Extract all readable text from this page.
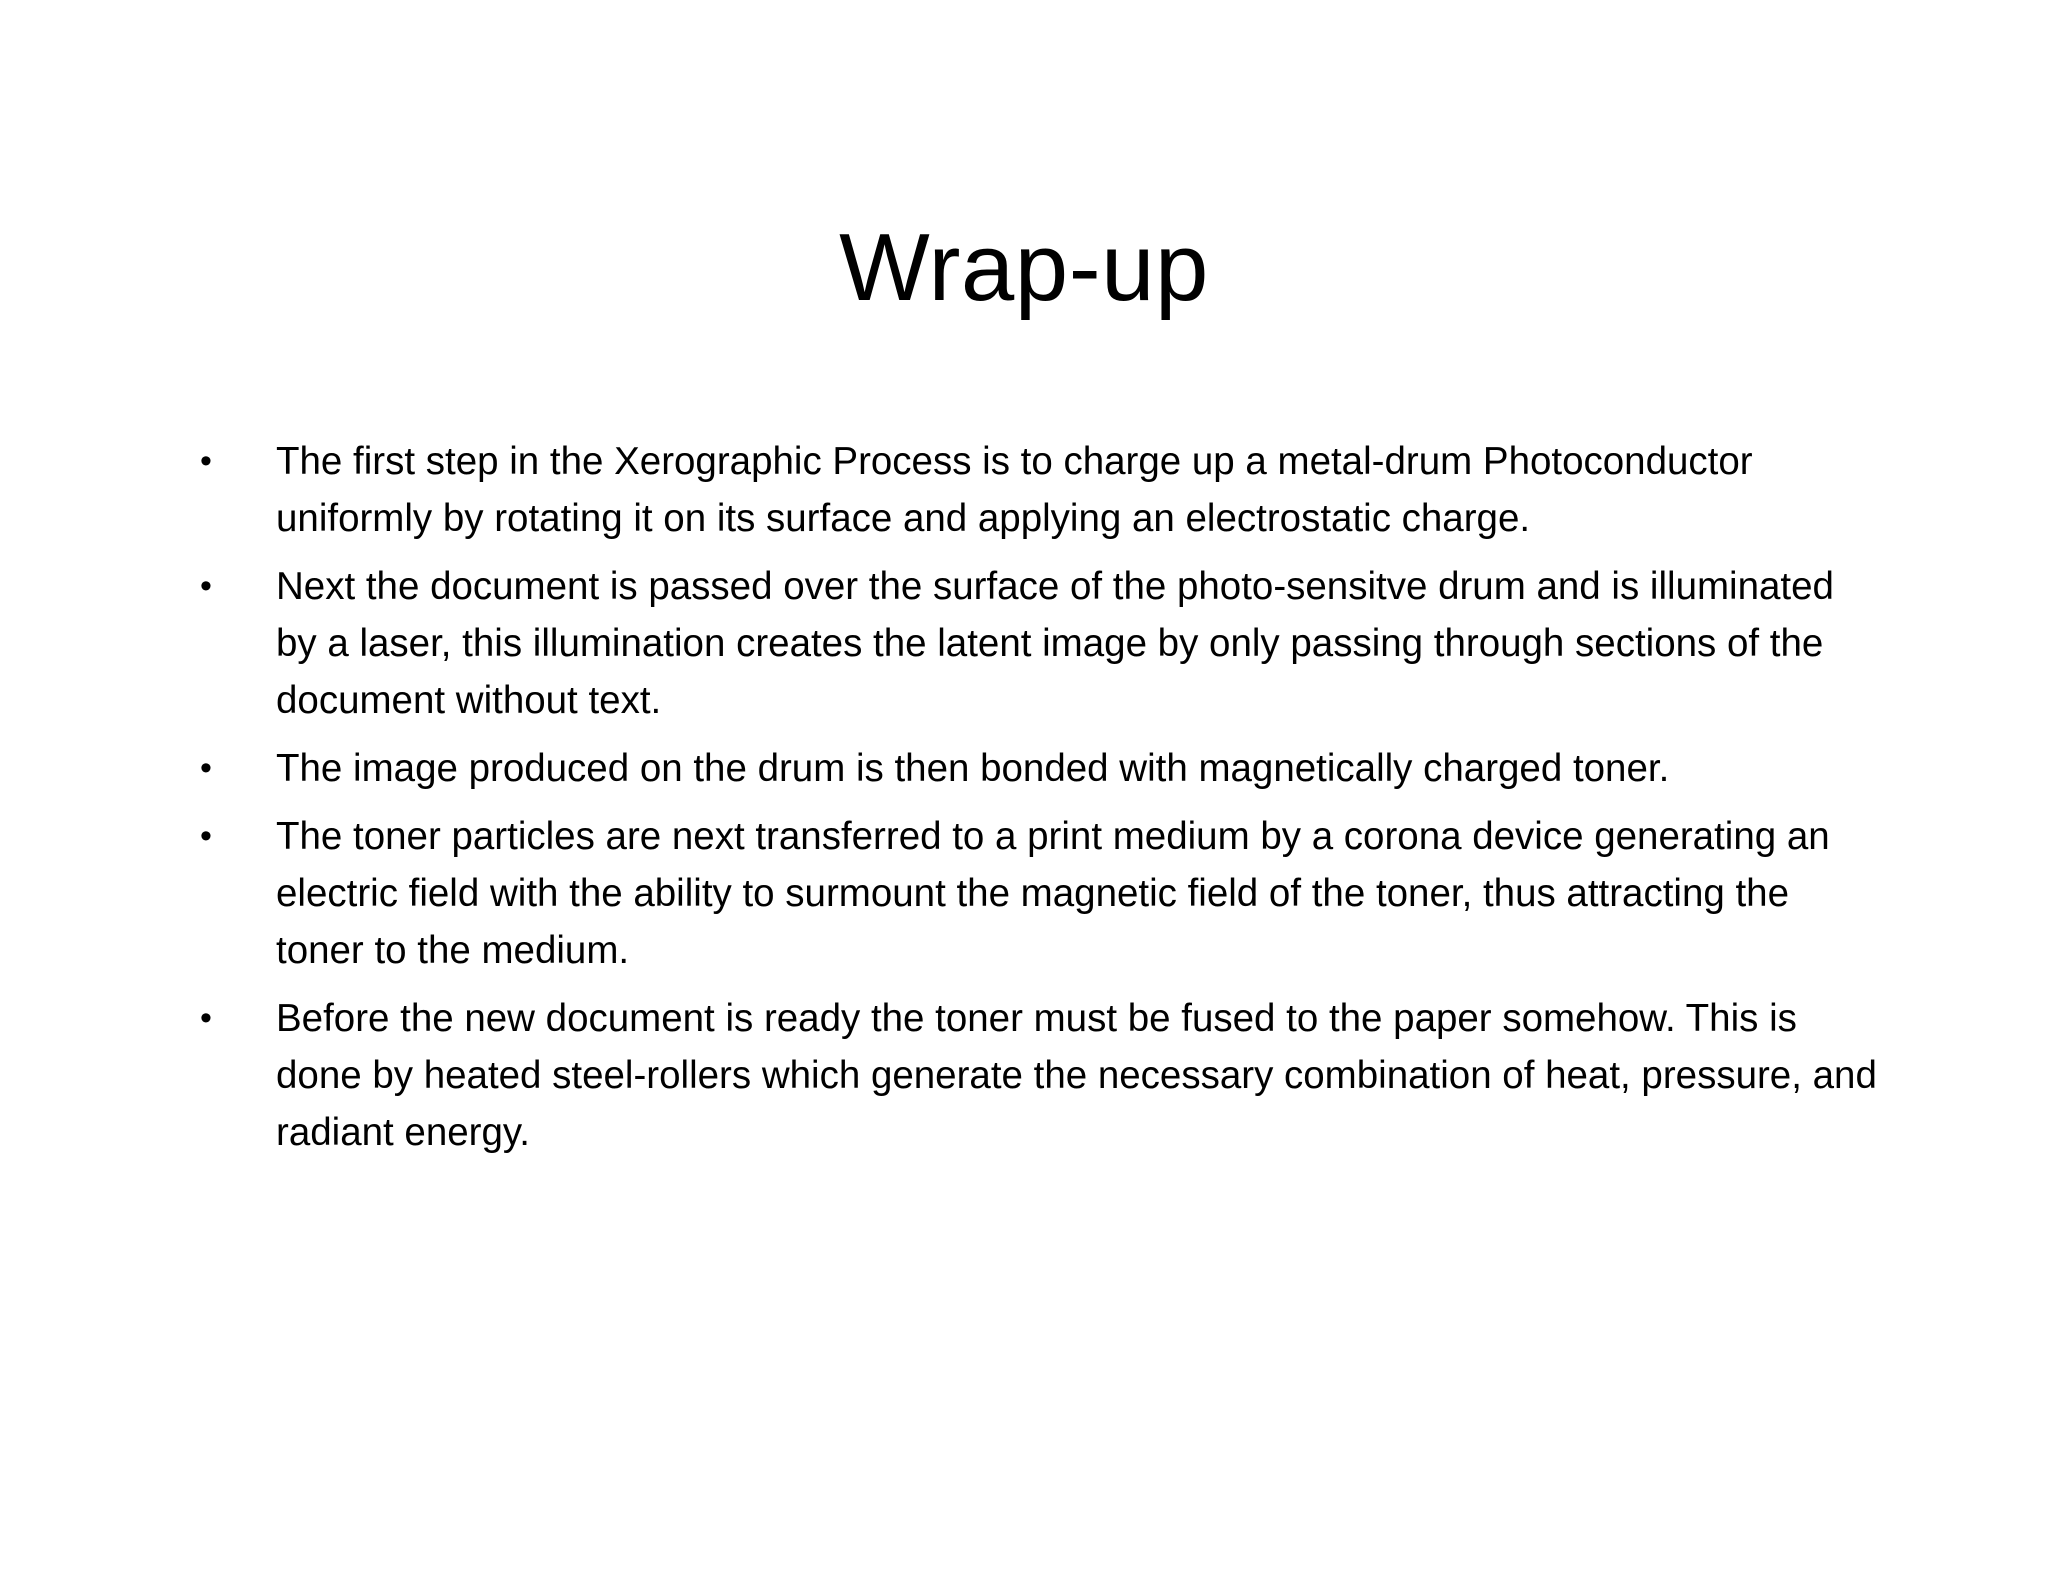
Wrap-up
• The first step in the Xerographic Process is to charge up a metal-drum Photoconductor uniformly by rotating it on its surface and applying an electrostatic charge.
• Next the document is passed over the surface of the photo-sensitve drum and is illuminated by a laser, this illumination creates the latent image by only passing through sections of the document without text.
• The image produced on the drum is then bonded with magnetically charged toner.
• The toner particles are next transferred to a print medium by a corona device generating an electric field with the ability to surmount the magnetic field of the toner, thus attracting the toner to the medium.
• Before the new document is ready the toner must be fused to the paper somehow. This is done by heated steel-rollers which generate the necessary combination of heat, pressure, and radiant energy.
